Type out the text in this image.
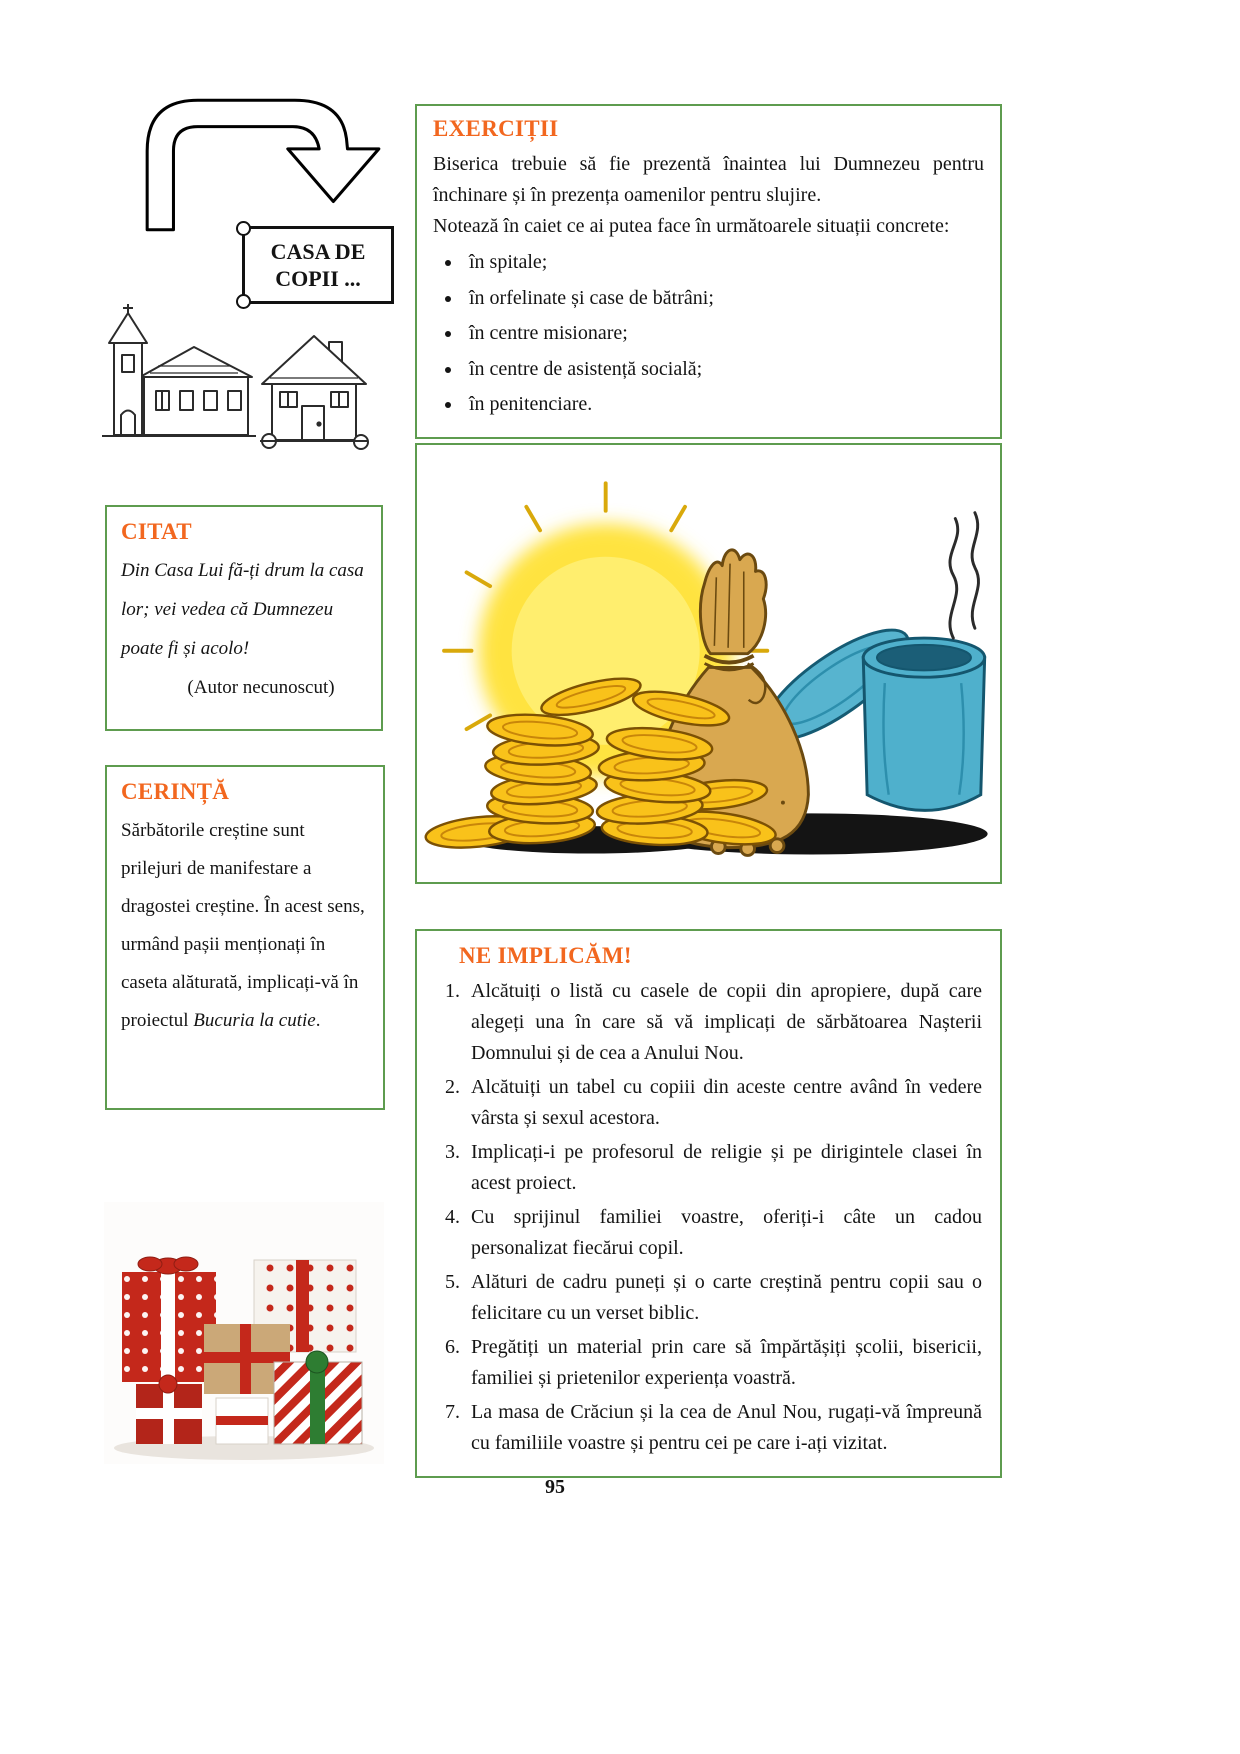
CASA DE COPII ...
EXERCIȚII

Biserica trebuie să fie prezentă înaintea lui Dumnezeu pentru închinare și în prezența oamenilor pentru slujire.

Notează în caiet ce ai putea face în următoarele situații concrete:

• în spitale;
• în orfelinate și case de bătrâni;
• în centre misionare;
• în centre de asistență socială;
• în penitenciare.
CITAT

Din Casa Lui fă-ți drum la casa lor; vei vedea că Dumnezeu poate fi și acolo!

(Autor necunoscut)

CERINȚĂ

Sărbătorile creștine sunt prilejuri de manifestare a dragostei creștine. În acest sens, urmând pașii menționați în caseta alăturată, implicați-vă în proiectul Bucuria la cutie.

NE IMPLICĂM!
1. Alcătuiți o listă cu casele de copii din apropiere, după care alegeți una în care să vă implicați de sărbătoarea Nașterii Domnului și de cea a Anului Nou.
2. Alcătuiți un tabel cu copiii din aceste centre având în vedere vârsta și sexul acestora.
3. Implicați-i pe profesorul de religie și pe dirigintele clasei în acest proiect.
4. Cu sprijinul familiei voastre, oferiți-i câte un cadou personalizat fiecărui copil.
5. Alături de cadru puneți și o carte creștină pentru copii sau o felicitare cu un verset biblic.
6. Pregătiți un material prin care să împărtășiți școlii, bisericii, familiei și prietenilor experiența voastră.
7. La masa de Crăciun și la cea de Anul Nou, rugați-vă împreună cu familiile voastre și pentru cei pe care i-ați vizitat.
95
